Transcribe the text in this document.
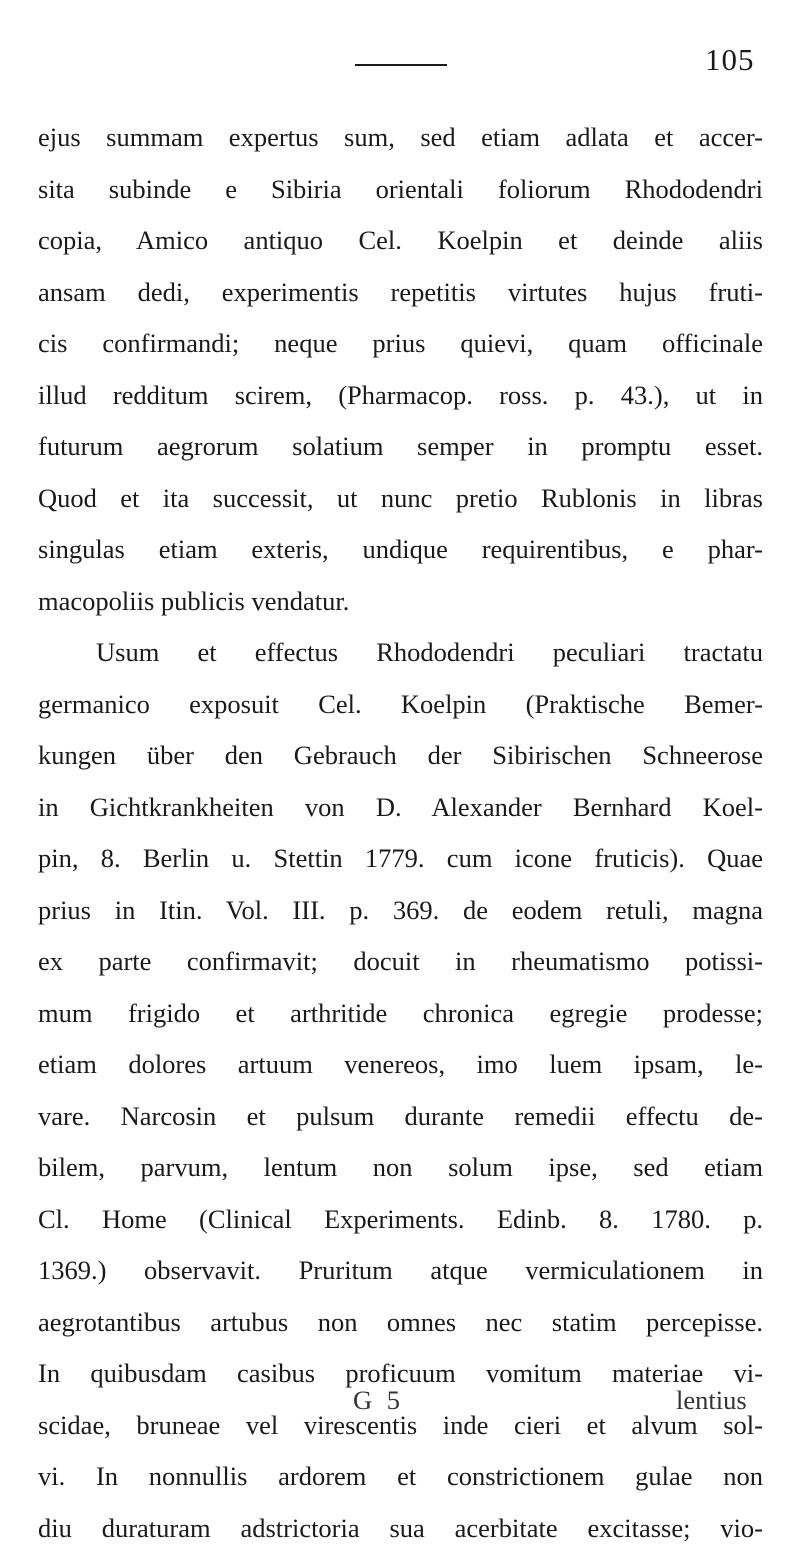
105
ejus summam expertus sum, sed etiam adlata et accer-
sita subinde e Sibiria orientali foliorum Rhododendri
copia, Amico antiquo Cel. Koelpin et deinde aliis
ansam dedi, experimentis repetitis virtutes hujus fruti-
cis confirmandi; neque prius quievi, quam officinale
illud redditum scirem, (Pharmacop. ross. p. 43.), ut in
futurum aegrorum solatium semper in promptu esset.
Quod et ita successit, ut nunc pretio Rublonis in libras
singulas etiam exteris, undique requirentibus, e phar-
macopoliis publicis vendatur.
Usum et effectus Rhododendri peculiari tractatu
germanico exposuit Cel. Koelpin (Praktische Bemer-
kungen über den Gebrauch der Sibirischen Schneerose
in Gichtkrankheiten von D. Alexander Bernhard Koel-
pin, 8. Berlin u. Stettin 1779. cum icone fruticis). Quae
prius in Itin. Vol. III. p. 369. de eodem retuli, magna
ex parte confirmavit; docuit in rheumatismo potissi-
mum frigido et arthritide chronica egregie prodesse;
etiam dolores artuum venereos, imo luem ipsam, le-
vare. Narcosin et pulsum durante remedii effectu de-
bilem, parvum, lentum non solum ipse, sed etiam
Cl. Home (Clinical Experiments. Edinb. 8. 1780. p.
1369.) observavit. Pruritum atque vermiculationem in
aegrotantibus artubus non omnes nec statim percepisse.
In quibusdam casibus proficuum vomitum materiae vi-
scidae, bruneae vel virescentis inde cieri et alvum sol-
vi. In nonnullis ardorem et constrictionem gulae non
diu duraturam adstrictoria sua acerbitate excitasse; vio-
G 5	lentius
